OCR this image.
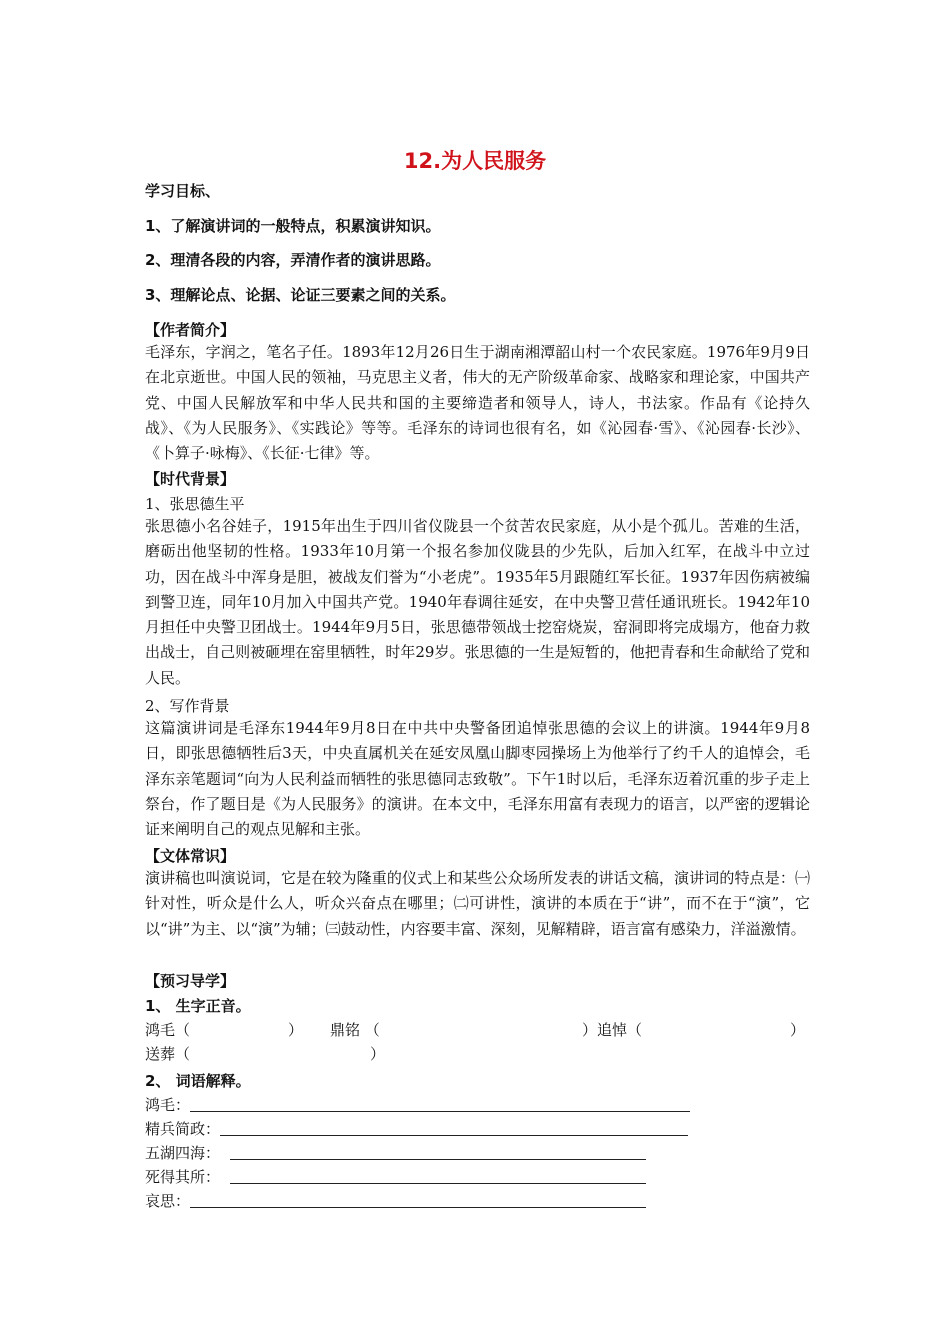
12.为人民服务
学习目标、
1、了解演讲词的一般特点，积累演讲知识。
2、理清各段的内容，弄清作者的演讲思路。
3、理解论点、论据、论证三要素之间的关系。
【作者简介】
毛泽东，字润之，笔名子任。1893年12月26日生于湖南湘潭韶山村一个农民家庭。1976年9月9日在北京逝世。中国人民的领袖，马克思主义者，伟大的无产阶级革命家、战略家和理论家，中国共产党、中国人民解放军和中华人民共和国的主要缔造者和领导人，诗人，书法家。作品有《论持久战》、《为人民服务》、《实践论》等等。毛泽东的诗词也很有名，如《沁园春·雪》、《沁园春·长沙》、《卜算子·咏梅》、《长征·七律》等。
【时代背景】
1、张思德生平
张思德小名谷娃子，1915年出生于四川省仪陇县一个贫苦农民家庭，从小是个孤儿。苦难的生活，磨砺出他坚韧的性格。1933年10月第一个报名参加仪陇县的少先队，后加入红军，在战斗中立过功，因在战斗中浑身是胆，被战友们誉为“小老虎”。1935年5月跟随红军长征。1937年因伤病被编到警卫连，同年10月加入中国共产党。1940年春调往延安，在中央警卫营任通讯班长。1942年10月担任中央警卫团战士。1944年9月5日，张思德带领战士挖窑烧炭，窑洞即将完成塌方，他奋力救出战士，自己则被砸埋在窑里牺牲，时年29岁。张思德的一生是短暂的，他把青春和生命献给了党和人民。
2、写作背景
这篇演讲词是毛泽东1944年9月8日在中共中央警备团追悼张思德的会议上的讲演。1944年9月8日，即张思德牺牲后3天，中央直属机关在延安凤凰山脚枣园操场上为他举行了约千人的追悼会，毛泽东亲笔题词“向为人民利益而牺牲的张思德同志致敬”。下午1时以后，毛泽东迈着沉重的步子走上祭台，作了题目是《为人民服务》的演讲。在本文中，毛泽东用富有表现力的语言，以严密的逻辑论证来阐明自己的观点见解和主张。
【文体常识】
演讲稿也叫演说词，它是在较为隆重的仪式上和某些公众场所发表的讲话文稿，演讲词的特点是：㈠针对性，听众是什么人，听众兴奋点在哪里；㈡可讲性，演讲的本质在于“讲”，而不在于“演”，它以“讲”为主、以“演”为辅；㈢鼓动性，内容要丰富、深刻，见解精辟，语言富有感染力，洋溢激情。
【预习导学】
1、 生字正音。
鸿毛（	） 鼎铭 （	） 追悼（	）
送葬（	）
2、 词语解释。
鸿毛：
精兵简政：
五湖四海：
死得其所：
哀思：
